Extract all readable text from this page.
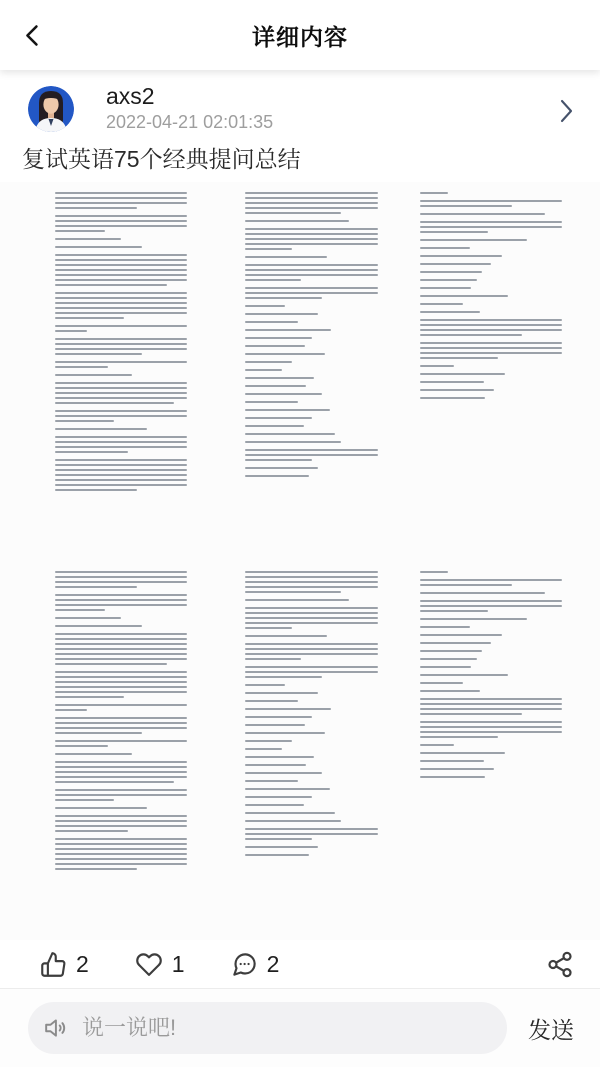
详细内容
axs2
2022-04-21 02:01:35
复试英语75个经典提问总结
2	1	2
说一说吧!
发送
